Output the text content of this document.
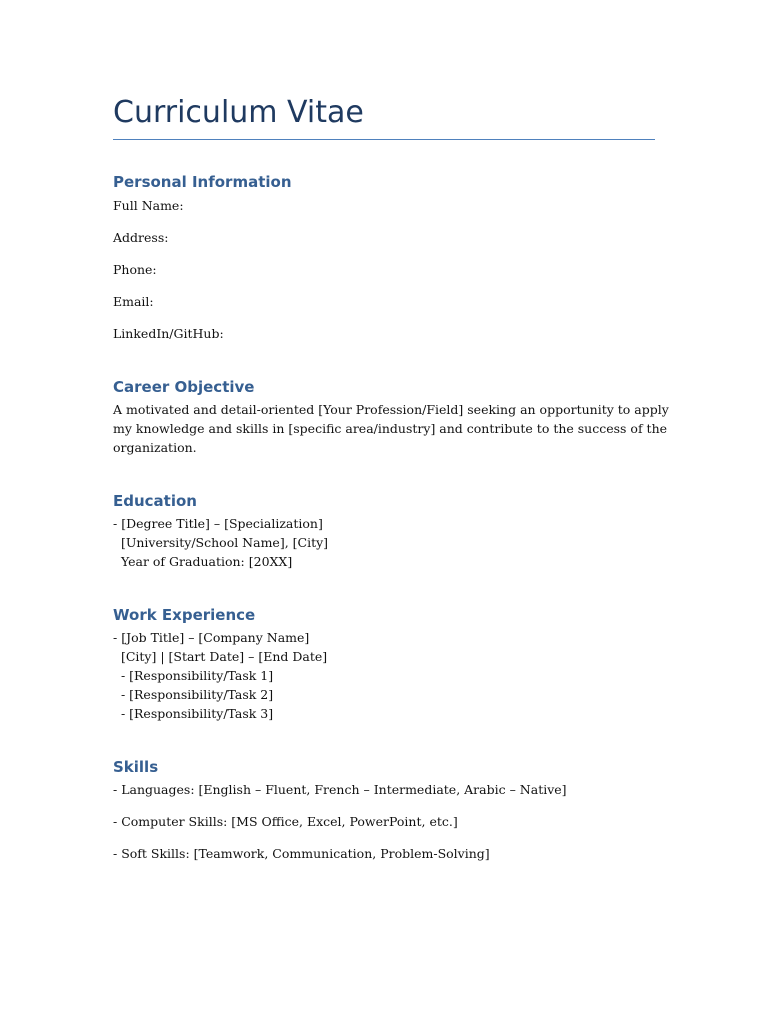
Curriculum Vitae
Personal Information

Full Name:

Address:

Phone:

Email:

LinkedIn/GitHub:

Career Objective

A motivated and detail-oriented [Your Profession/Field] seeking an opportunity to apply

my knowledge and skills in [specific area/industry] and contribute to the success of the

organization.

Education

- [Degree Title] – [Specialization]

[University/School Name], [City]

Year of Graduation: [20XX]

Work Experience

- [Job Title] – [Company Name]

[City] | [Start Date] – [End Date]

- [Responsibility/Task 1]

- [Responsibility/Task 2]

- [Responsibility/Task 3]

Skills

- Languages: [English – Fluent, French – Intermediate, Arabic – Native]

- Computer Skills: [MS Office, Excel, PowerPoint, etc.]

- Soft Skills: [Teamwork, Communication, Problem-Solving]
